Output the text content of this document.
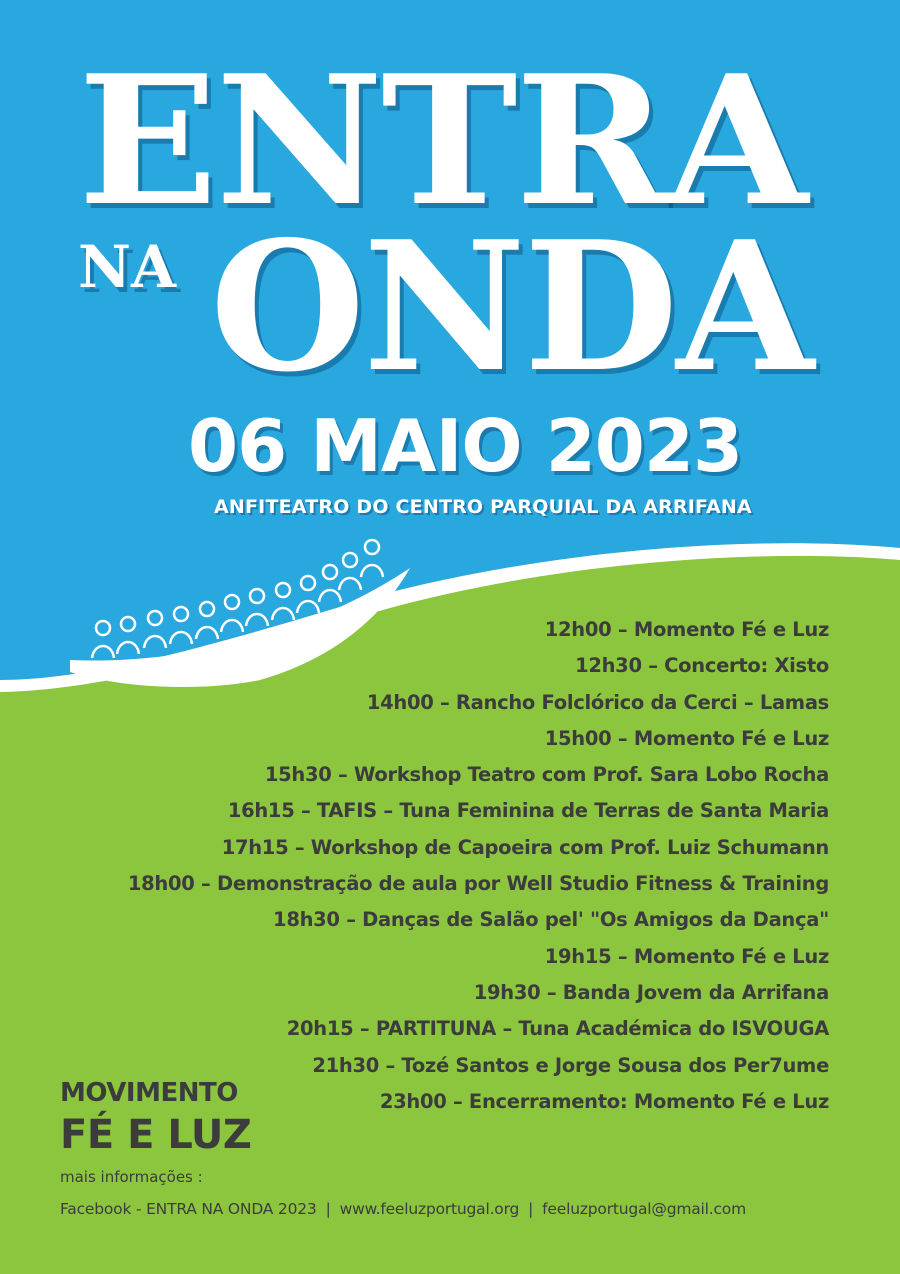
ENTRA
NA ONDA
06 MAIO 2023
ANFITEATRO DO CENTRO PARQUIAL DA ARRIFANA
12h00 – Momento Fé e Luz
12h30 – Concerto: Xisto
14h00 – Rancho Folclórico da Cerci – Lamas
15h00 – Momento Fé e Luz
15h30 – Workshop Teatro com Prof. Sara Lobo Rocha
16h15 – TAFIS – Tuna Feminina de Terras de Santa Maria
17h15 – Workshop de Capoeira com Prof. Luiz Schumann
18h00 – Demonstração de aula por Well Studio Fitness & Training
18h30 – Danças de Salão pel' "Os Amigos da Dança"
19h15 – Momento Fé e Luz
19h30 – Banda Jovem da Arrifana
20h15 – PARTITUNA – Tuna Académica do ISVOUGA
21h30 – Tozé Santos e Jorge Sousa dos Per7ume
23h00 – Encerramento: Momento Fé e Luz
MOVIMENTO
FÉ E LUZ
mais informações :
Facebook - ENTRA NA ONDA 2023 | www.feeluzportugal.org | feeluzportugal@gmail.com
